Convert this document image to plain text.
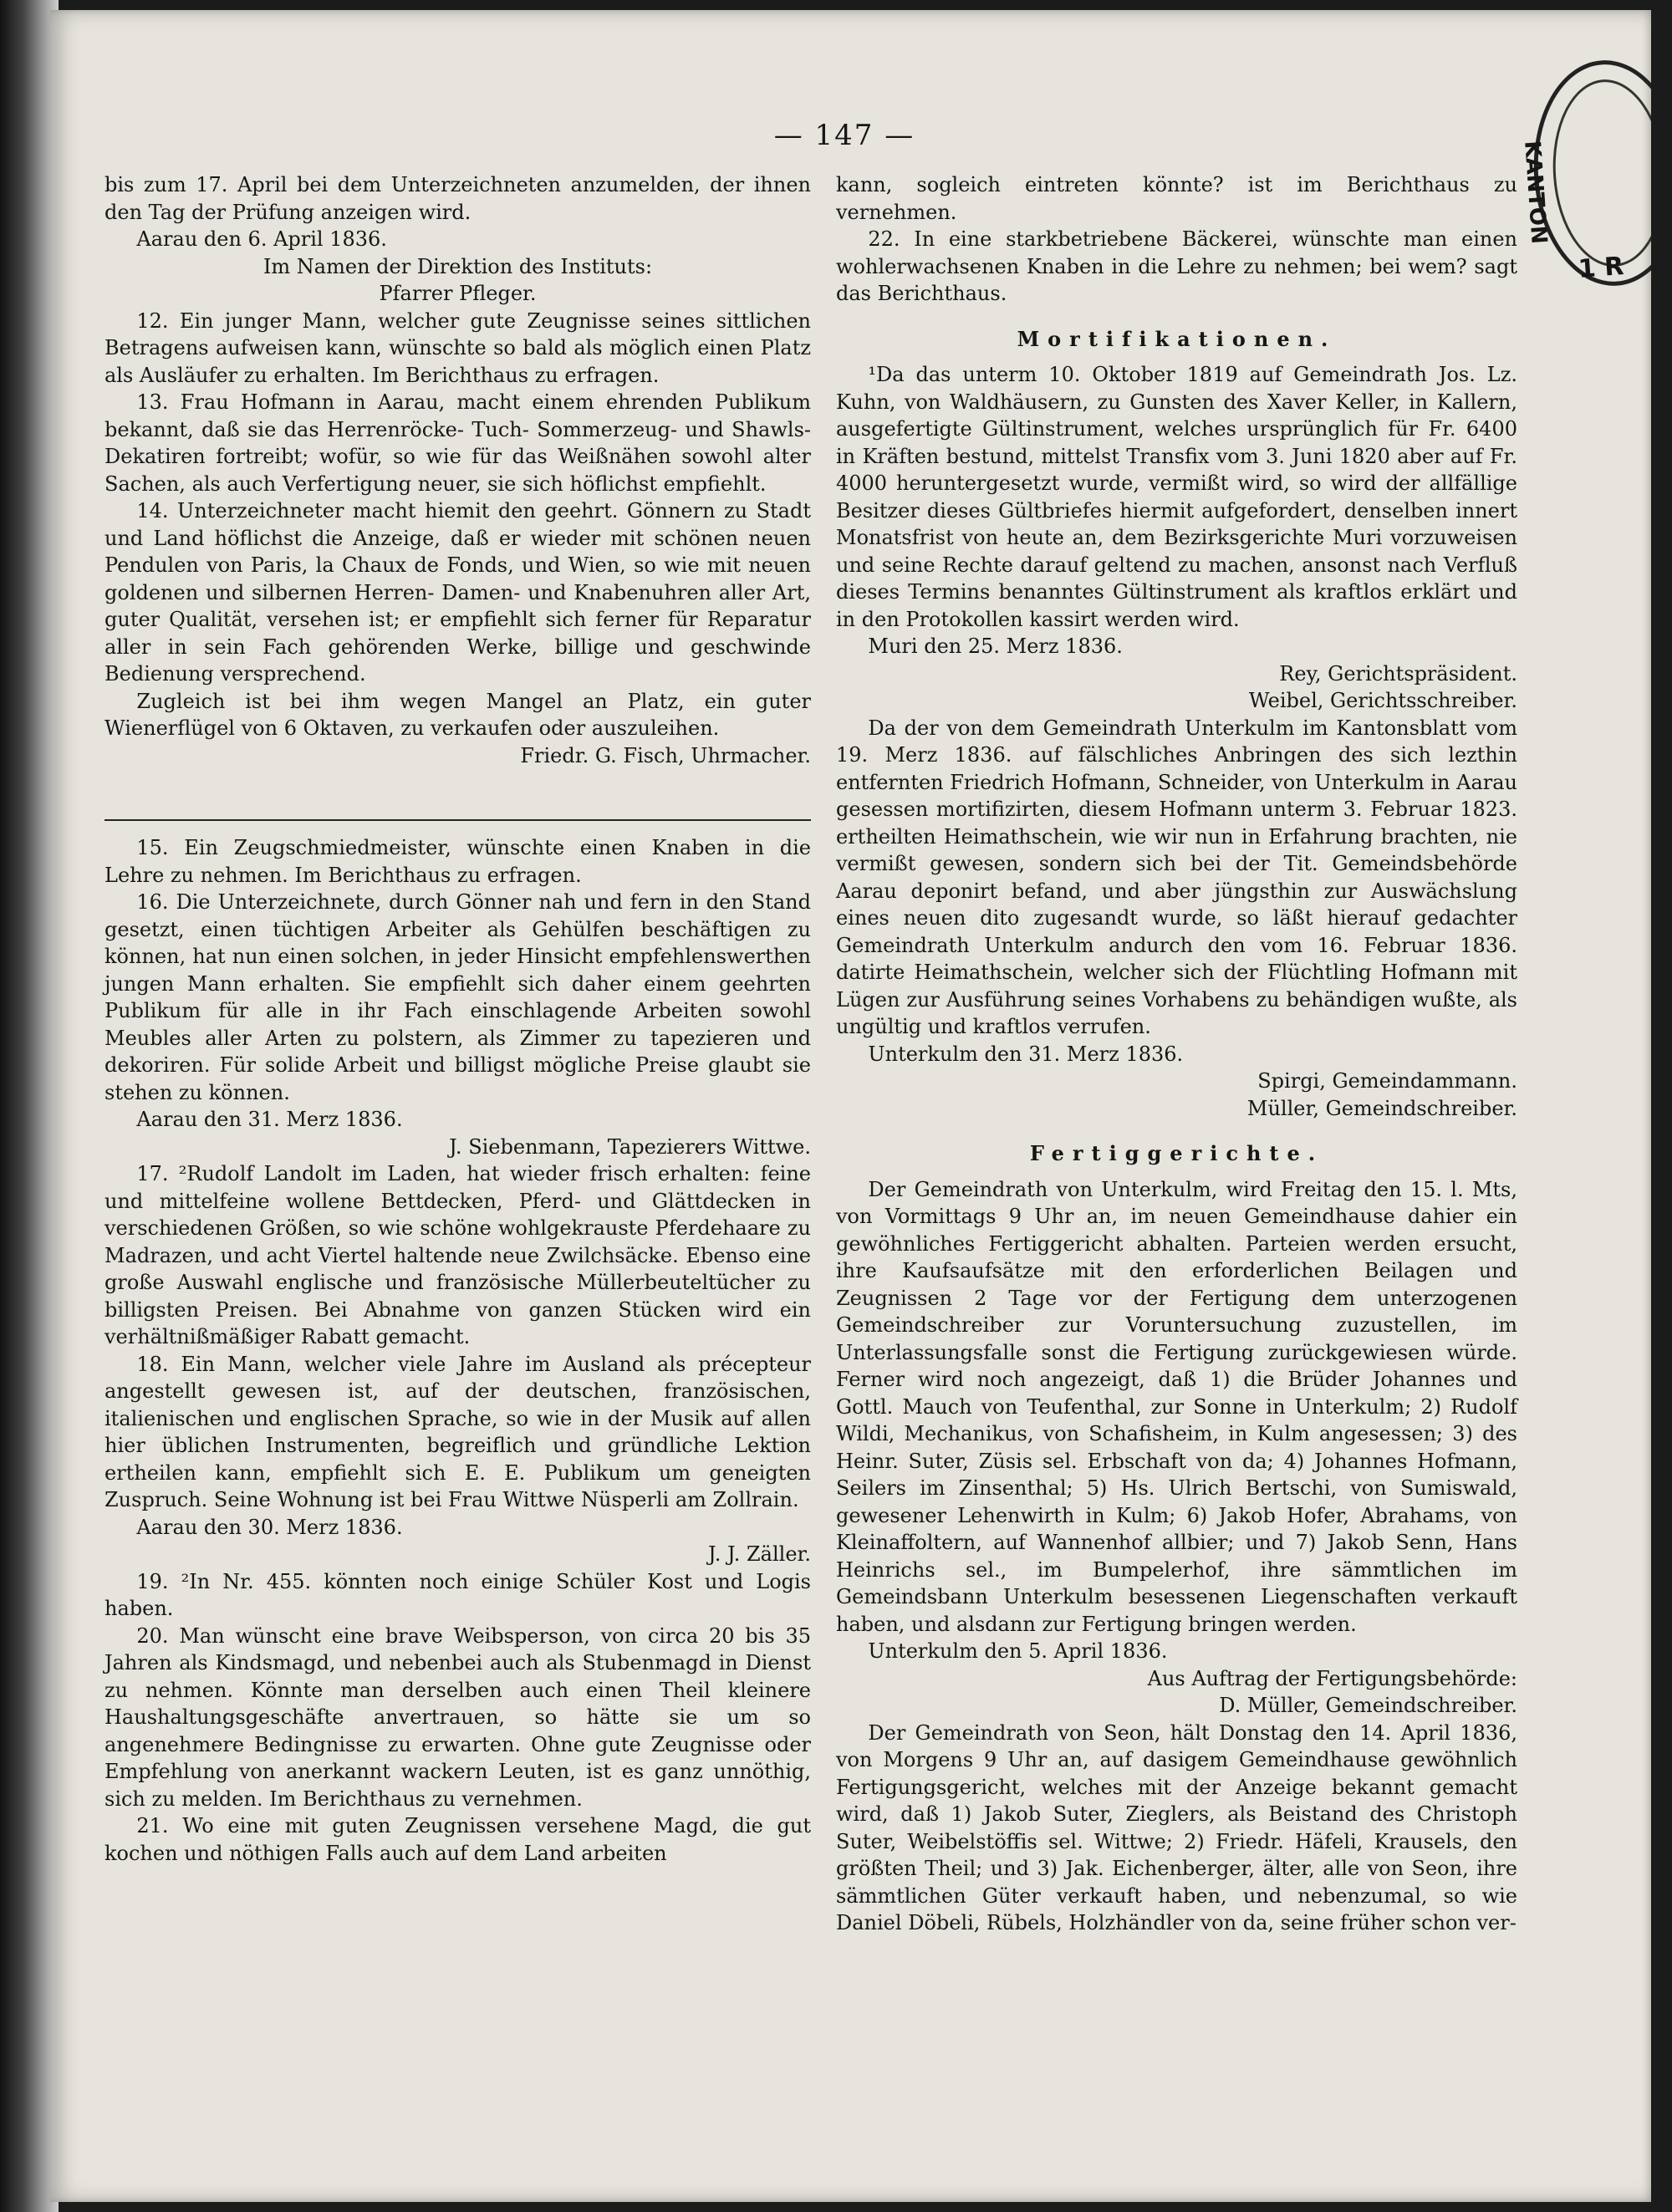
KANTON
1 R
— 147 —

bis zum 17. April bei dem Unterzeichneten anzumelden, der ihnen den Tag der Prüfung anzeigen wird.

Aarau den 6. April 1836.

Im Namen der Direktion des Instituts:

Pfarrer Pfleger.

12. Ein junger Mann, welcher gute Zeugnisse seines sittlichen Betragens aufweisen kann, wünschte so bald als möglich einen Platz als Ausläufer zu erhalten. Im Berichthaus zu erfragen.

13. Frau Hofmann in Aarau, macht einem ehrenden Publikum bekannt, daß sie das Herrenröcke- Tuch- Sommerzeug- und Shawls-Dekatiren fortreibt; wofür, so wie für das Weißnähen sowohl alter Sachen, als auch Verfertigung neuer, sie sich höflichst empfiehlt.

14. Unterzeichneter macht hiemit den geehrt. Gönnern zu Stadt und Land höflichst die Anzeige, daß er wieder mit schönen neuen Pendulen von Paris, la Chaux de Fonds, und Wien, so wie mit neuen goldenen und silbernen Herren- Damen- und Knabenuhren aller Art, guter Qualität, versehen ist; er empfiehlt sich ferner für Reparatur aller in sein Fach gehörenden Werke, billige und geschwinde Bedienung versprechend.

Zugleich ist bei ihm wegen Mangel an Platz, ein guter Wienerflügel von 6 Oktaven, zu verkaufen oder auszuleihen.

Friedr. G. Fisch, Uhrmacher.

15. Ein Zeugschmiedmeister, wünschte einen Knaben in die Lehre zu nehmen. Im Berichthaus zu erfragen.

16. Die Unterzeichnete, durch Gönner nah und fern in den Stand gesetzt, einen tüchtigen Arbeiter als Gehülfen beschäftigen zu können, hat nun einen solchen, in jeder Hinsicht empfehlenswerthen jungen Mann erhalten. Sie empfiehlt sich daher einem geehrten Publikum für alle in ihr Fach einschlagende Arbeiten sowohl Meubles aller Arten zu polstern, als Zimmer zu tapezieren und dekoriren. Für solide Arbeit und billigst mögliche Preise glaubt sie stehen zu können.

Aarau den 31. Merz 1836.

J. Siebenmann, Tapezierers Wittwe.

17. ²Rudolf Landolt im Laden, hat wieder frisch erhalten: feine und mittelfeine wollene Bettdecken, Pferd- und Glättdecken in verschiedenen Größen, so wie schöne wohlgekrauste Pferdehaare zu Madrazen, und acht Viertel haltende neue Zwilchsäcke. Ebenso eine große Auswahl englische und französische Müllerbeuteltücher zu billigsten Preisen. Bei Abnahme von ganzen Stücken wird ein verhältnißmäßiger Rabatt gemacht.

18. Ein Mann, welcher viele Jahre im Ausland als précepteur angestellt gewesen ist, auf der deutschen, französischen, italienischen und englischen Sprache, so wie in der Musik auf allen hier üblichen Instrumenten, begreiflich und gründliche Lektion ertheilen kann, empfiehlt sich E. E. Publikum um geneigten Zuspruch. Seine Wohnung ist bei Frau Wittwe Nüsperli am Zollrain.

Aarau den 30. Merz 1836.

J. J. Zäller.

19. ²In Nr. 455. könnten noch einige Schüler Kost und Logis haben.

20. Man wünscht eine brave Weibsperson, von circa 20 bis 35 Jahren als Kindsmagd, und nebenbei auch als Stubenmagd in Dienst zu nehmen. Könnte man derselben auch einen Theil kleinere Haushaltungsgeschäfte anvertrauen, so hätte sie um so angenehmere Bedingnisse zu erwarten. Ohne gute Zeugnisse oder Empfehlung von anerkannt wackern Leuten, ist es ganz unnöthig, sich zu melden. Im Berichthaus zu vernehmen.

21. Wo eine mit guten Zeugnissen versehene Magd, die gut kochen und nöthigen Falls auch auf dem Land arbeiten

kann, sogleich eintreten könnte? ist im Berichthaus zu vernehmen.

22. In eine starkbetriebene Bäckerei, wünschte man einen wohlerwachsenen Knaben in die Lehre zu nehmen; bei wem? sagt das Berichthaus.

Mortifikationen.

¹Da das unterm 10. Oktober 1819 auf Gemeindrath Jos. Lz. Kuhn, von Waldhäusern, zu Gunsten des Xaver Keller, in Kallern, ausgefertigte Gültinstrument, welches ursprünglich für Fr. 6400 in Kräften bestund, mittelst Transfix vom 3. Juni 1820 aber auf Fr. 4000 heruntergesetzt wurde, vermißt wird, so wird der allfällige Besitzer dieses Gültbriefes hiermit aufgefordert, denselben innert Monatsfrist von heute an, dem Bezirksgerichte Muri vorzuweisen und seine Rechte darauf geltend zu machen, ansonst nach Verfluß dieses Termins benanntes Gültinstrument als kraftlos erklärt und in den Protokollen kassirt werden wird.

Muri den 25. Merz 1836.

Rey, Gerichtspräsident.

Weibel, Gerichtsschreiber.

Da der von dem Gemeindrath Unterkulm im Kantonsblatt vom 19. Merz 1836. auf fälschliches Anbringen des sich lezthin entfernten Friedrich Hofmann, Schneider, von Unterkulm in Aarau gesessen mortifizirten, diesem Hofmann unterm 3. Februar 1823. ertheilten Heimathschein, wie wir nun in Erfahrung brachten, nie vermißt gewesen, sondern sich bei der Tit. Gemeindsbehörde Aarau deponirt befand, und aber jüngsthin zur Auswächslung eines neuen dito zugesandt wurde, so läßt hierauf gedachter Gemeindrath Unterkulm andurch den vom 16. Februar 1836. datirte Heimathschein, welcher sich der Flüchtling Hofmann mit Lügen zur Ausführung seines Vorhabens zu behändigen wußte, als ungültig und kraftlos verrufen.

Unterkulm den 31. Merz 1836.

Spirgi, Gemeindammann.

Müller, Gemeindschreiber.

Fertiggerichte.

Der Gemeindrath von Unterkulm, wird Freitag den 15. l. Mts, von Vormittags 9 Uhr an, im neuen Gemeindhause dahier ein gewöhnliches Fertiggericht abhalten. Parteien werden ersucht, ihre Kaufsaufsätze mit den erforderlichen Beilagen und Zeugnissen 2 Tage vor der Fertigung dem unterzogenen Gemeindschreiber zur Voruntersuchung zuzustellen, im Unterlassungsfalle sonst die Fertigung zurückgewiesen würde. Ferner wird noch angezeigt, daß 1) die Brüder Johannes und Gottl. Mauch von Teufenthal, zur Sonne in Unterkulm; 2) Rudolf Wildi, Mechanikus, von Schafisheim, in Kulm angesessen; 3) des Heinr. Suter, Züsis sel. Erbschaft von da; 4) Johannes Hofmann, Seilers im Zinsenthal; 5) Hs. Ulrich Bertschi, von Sumiswald, gewesener Lehenwirth in Kulm; 6) Jakob Hofer, Abrahams, von Kleinaffoltern, auf Wannenhof allbier; und 7) Jakob Senn, Hans Heinrichs sel., im Bumpelerhof, ihre sämmtlichen im Gemeindsbann Unterkulm besessenen Liegenschaften verkauft haben, und alsdann zur Fertigung bringen werden.

Unterkulm den 5. April 1836.

Aus Auftrag der Fertigungsbehörde:

D. Müller, Gemeindschreiber.

Der Gemeindrath von Seon, hält Donstag den 14. April 1836, von Morgens 9 Uhr an, auf dasigem Gemeindhause gewöhnlich Fertigungsgericht, welches mit der Anzeige bekannt gemacht wird, daß 1) Jakob Suter, Zieglers, als Beistand des Christoph Suter, Weibelstöffis sel. Wittwe; 2) Friedr. Häfeli, Krausels, den größten Theil; und 3) Jak. Eichenberger, älter, alle von Seon, ihre sämmtlichen Güter verkauft haben, und nebenzumal, so wie Daniel Döbeli, Rübels, Holzhändler von da, seine früher schon ver-
